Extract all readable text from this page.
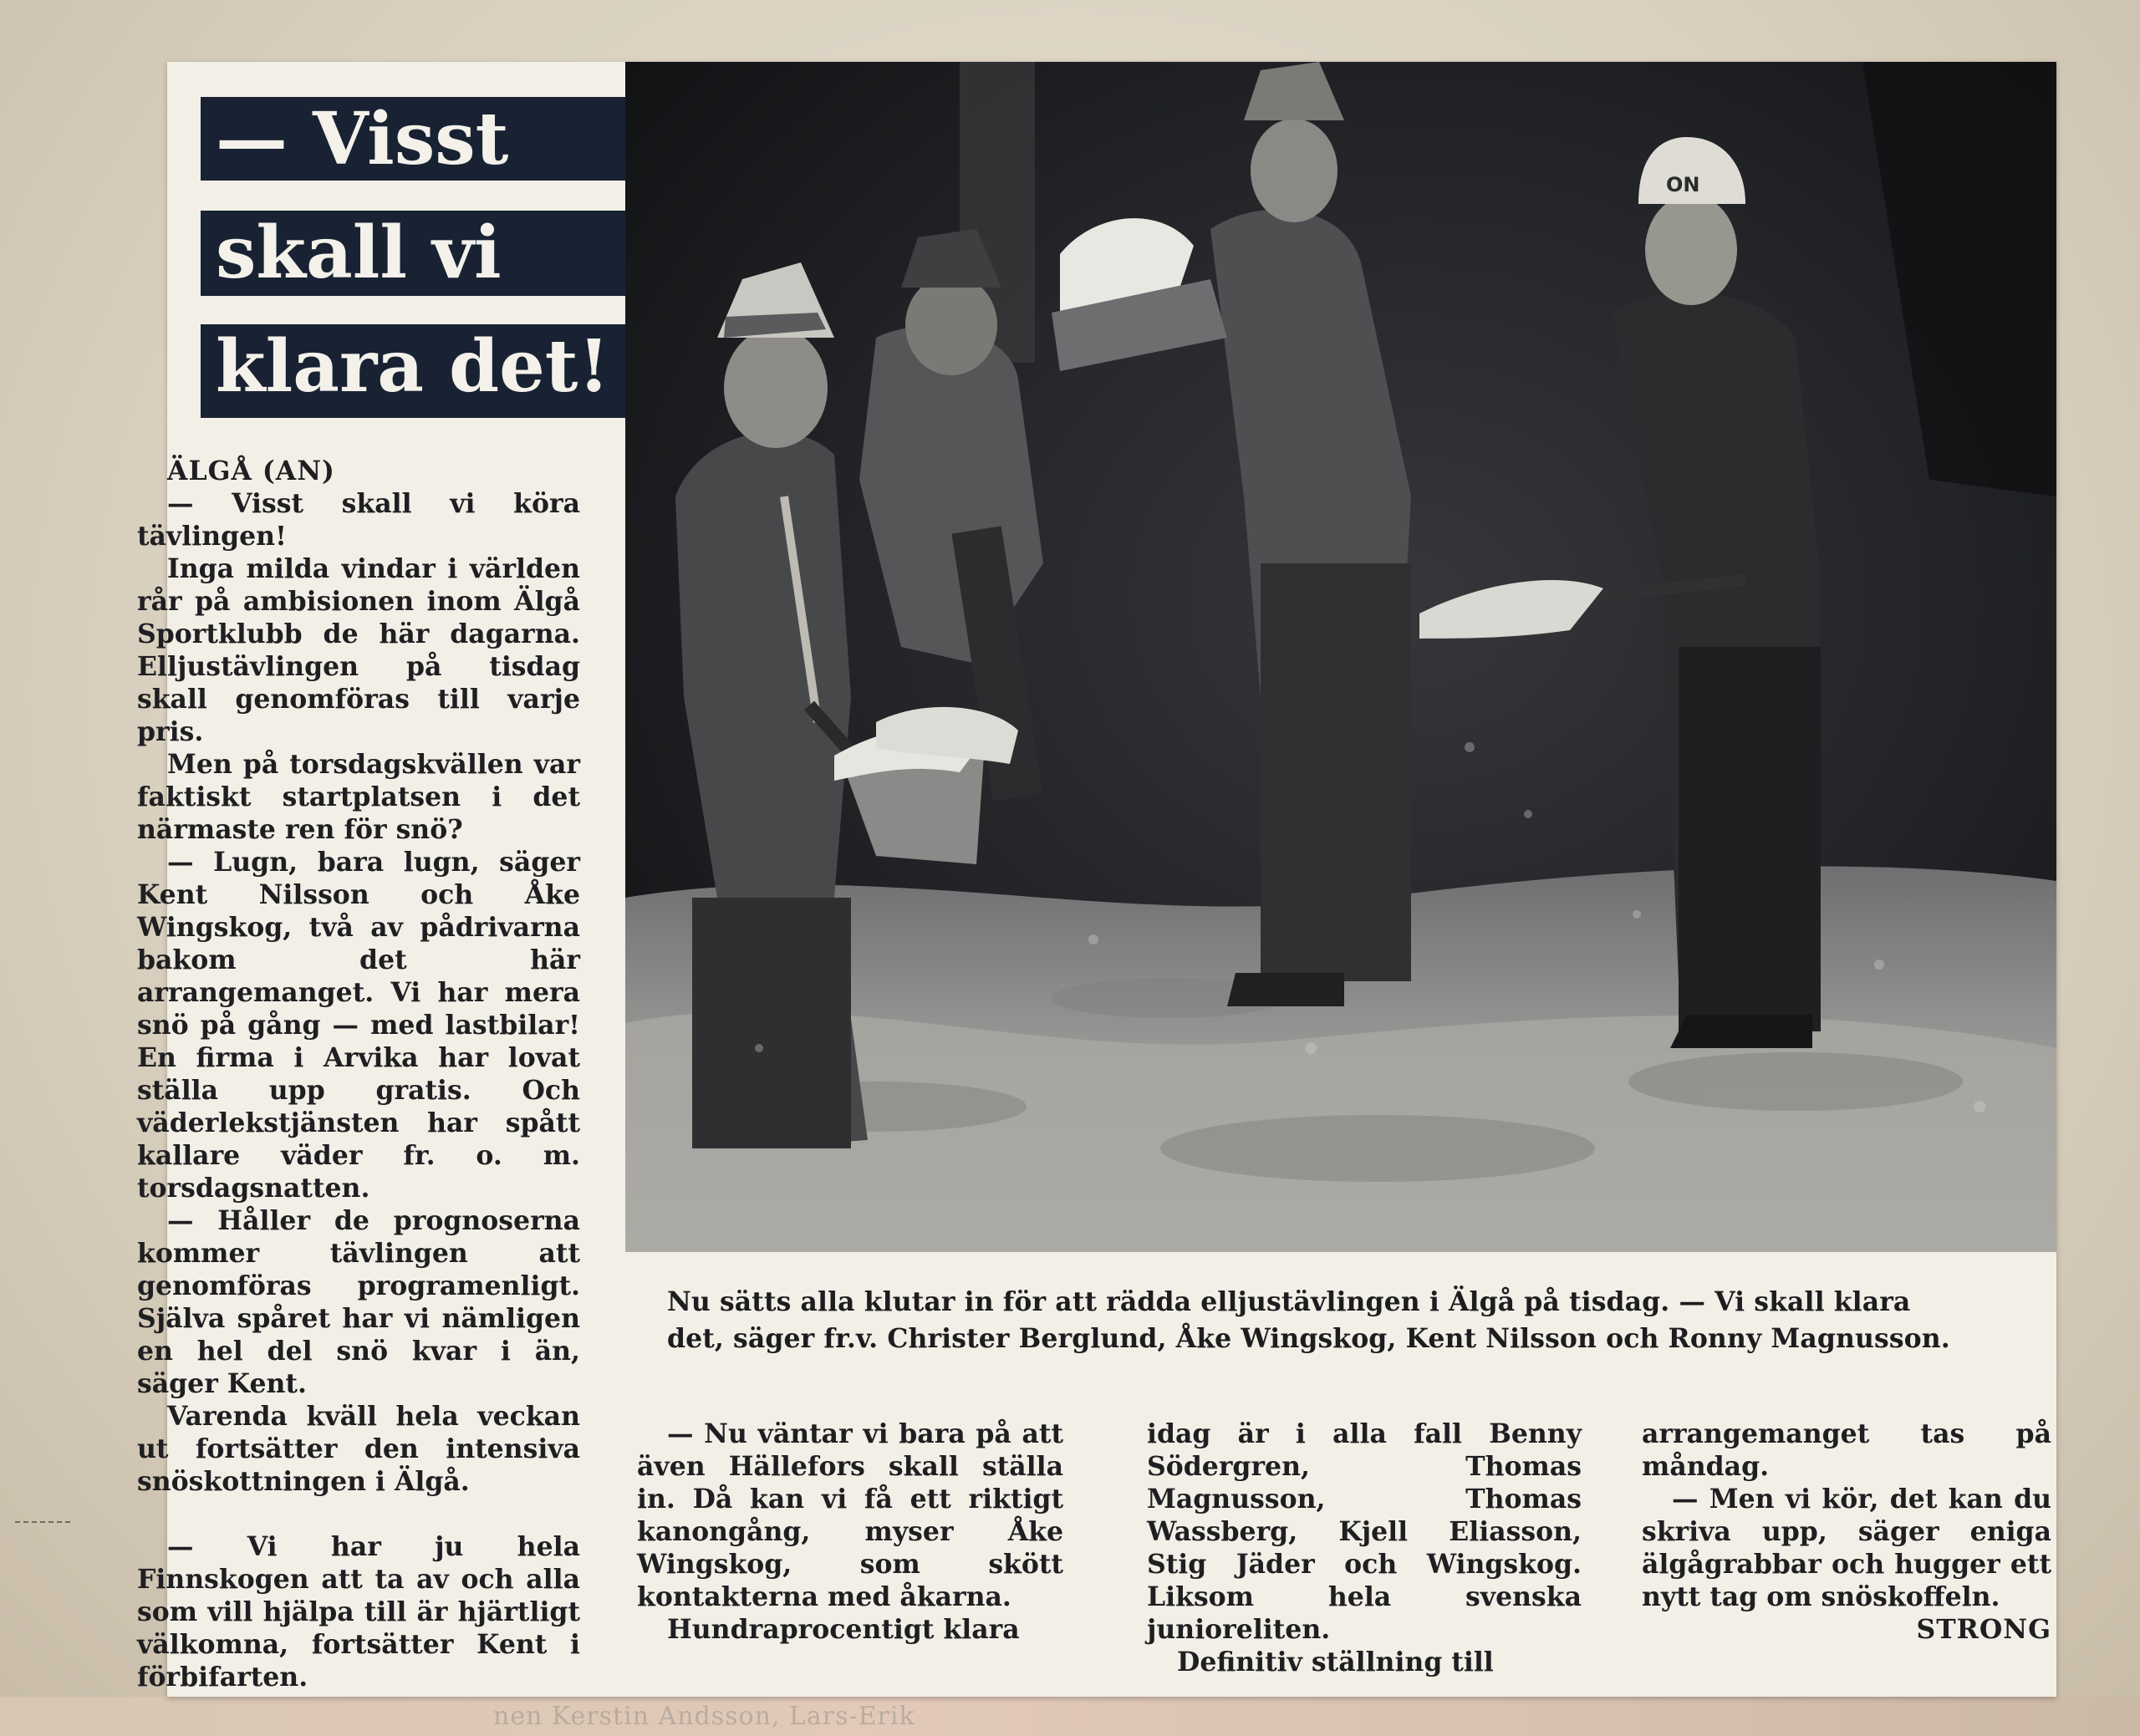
— Visst
skall vi
klara det!
ON
Nu sätts alla klutar in för att rädda elljustävlingen i Älgå på tisdag. — Vi skall klara det, säger fr.v. Christer Berglund, Åke Wingskog, Kent Nilsson och Ronny Magnusson.

ÄLGÅ (AN)

— Visst skall vi köra tävlingen!

Inga milda vindar i världen rår på ambisionen inom Älgå Sportklubb de här dagarna. Elljustävlingen på tisdag skall genomföras till varje pris.

Men på torsdagskvällen var faktiskt startplatsen i det närmaste ren för snö?

— Lugn, bara lugn, säger Kent Nilsson och Åke Wingskog, två av pådrivarna bakom det här arrangemanget. Vi har mera snö på gång — med lastbilar! En firma i Arvika har lovat ställa upp gratis. Och väderlekstjänsten har spått kallare väder fr. o. m. torsdagsnatten.

— Håller de prognoserna kommer tävlingen att genomföras programenligt. Själva spåret har vi nämligen en hel del snö kvar i än, säger Kent.

Varenda kväll hela veckan ut fortsätter den intensiva snöskottningen i Älgå.

— Vi har ju hela Finnskogen att ta av och alla som vill hjälpa till är hjärtligt välkomna, fortsätter Kent i förbifarten.

— Nu väntar vi bara på att även Hällefors skall ställa in. Då kan vi få ett riktigt kanongång, myser Åke Wingskog, som skött kontakterna med åkarna.

Hundraprocentigt klara

idag är i alla fall Benny Södergren, Thomas Magnusson, Thomas Wassberg, Kjell Eliasson, Stig Jäder och Wingskog. Liksom hela svenska junioreliten.

Definitiv ställning till

arrangemanget tas på måndag.

— Men vi kör, det kan du skriva upp, säger eniga älgågrabbar och hugger ett nytt tag om snöskoffeln.

STRONG

nen Kerstin Andsson, Lars-Erik
